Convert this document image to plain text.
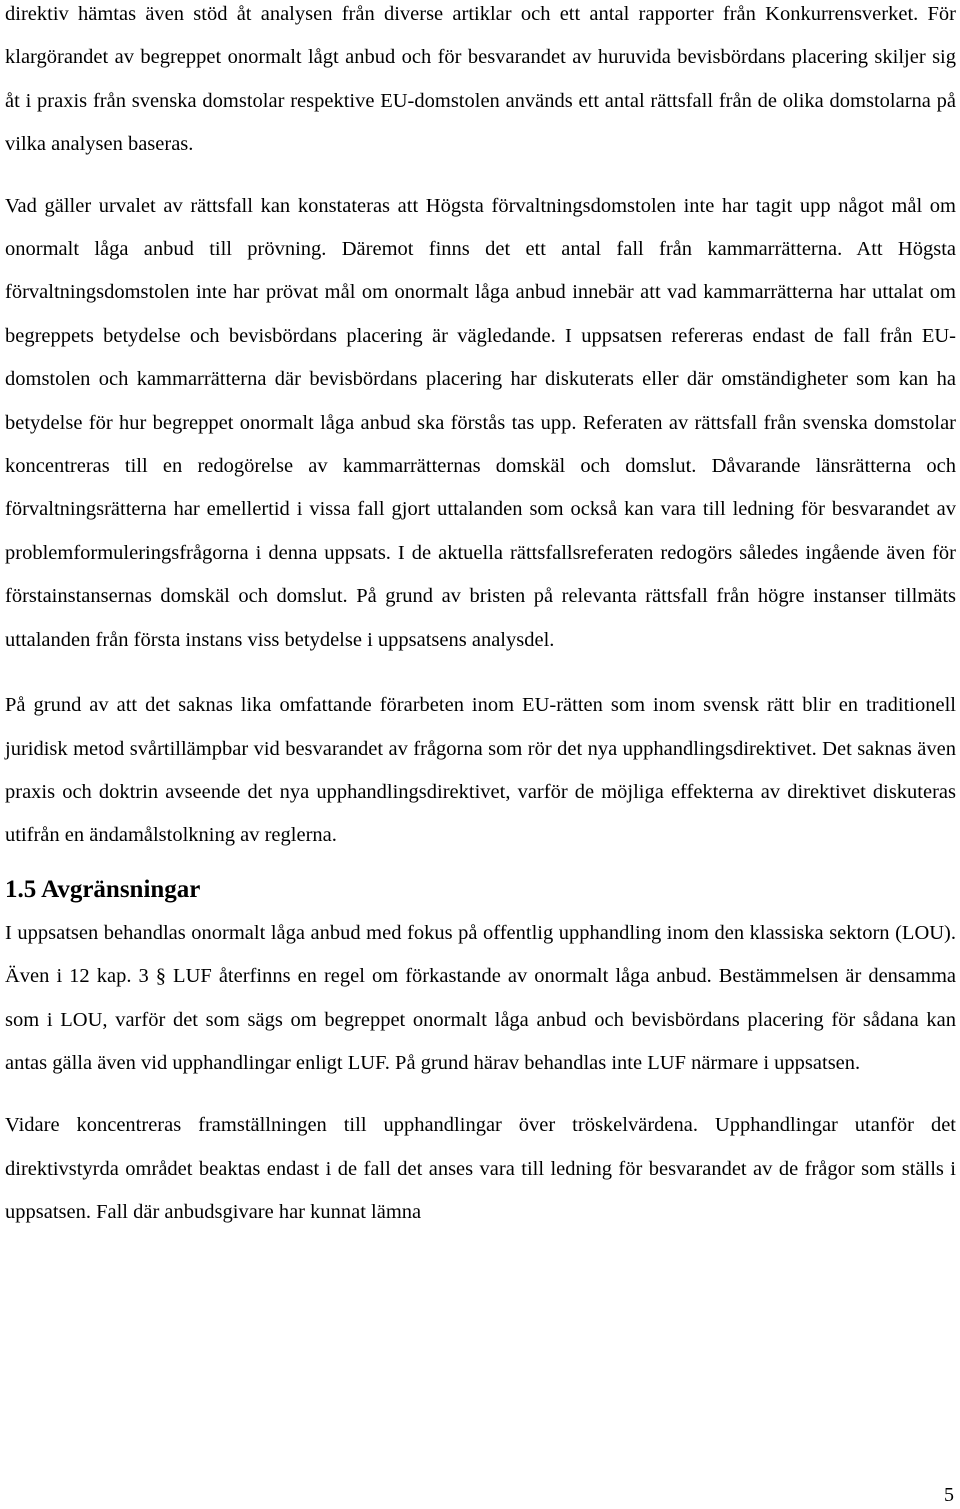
direktiv hämtas även stöd åt analysen från diverse artiklar och ett antal rapporter från Konkurrensverket. För klargörandet av begreppet onormalt lågt anbud och för besvarandet av huruvida bevisbördans placering skiljer sig åt i praxis från svenska domstolar respektive EU-domstolen används ett antal rättsfall från de olika domstolarna på vilka analysen baseras.

Vad gäller urvalet av rättsfall kan konstateras att Högsta förvaltningsdomstolen inte har tagit upp något mål om onormalt låga anbud till prövning. Däremot finns det ett antal fall från kammarrätterna. Att Högsta förvaltningsdomstolen inte har prövat mål om onormalt låga anbud innebär att vad kammarrätterna har uttalat om begreppets betydelse och bevisbördans placering är vägledande. I uppsatsen refereras endast de fall från EU-domstolen och kammarrätterna där bevisbördans placering har diskuterats eller där omständigheter som kan ha betydelse för hur begreppet onormalt låga anbud ska förstås tas upp. Referaten av rättsfall från svenska domstolar koncentreras till en redogörelse av kammarrätternas domskäl och domslut. Dåvarande länsrätterna och förvaltningsrätterna har emellertid i vissa fall gjort uttalanden som också kan vara till ledning för besvarandet av problemformuleringsfrågorna i denna uppsats. I de aktuella rättsfallsreferaten redogörs således ingående även för förstainstansernas domskäl och domslut. På grund av bristen på relevanta rättsfall från högre instanser tillmäts uttalanden från första instans viss betydelse i uppsatsens analysdel.

På grund av att det saknas lika omfattande förarbeten inom EU-rätten som inom svensk rätt blir en traditionell juridisk metod svårtillämpbar vid besvarandet av frågorna som rör det nya upphandlingsdirektivet. Det saknas även praxis och doktrin avseende det nya upphandlingsdirektivet, varför de möjliga effekterna av direktivet diskuteras utifrån en ändamålstolkning av reglerna.

1.5 Avgränsningar

I uppsatsen behandlas onormalt låga anbud med fokus på offentlig upphandling inom den klassiska sektorn (LOU). Även i 12 kap. 3 § LUF återfinns en regel om förkastande av onormalt låga anbud. Bestämmelsen är densamma som i LOU, varför det som sägs om begreppet onormalt låga anbud och bevisbördans placering för sådana kan antas gälla även vid upphandlingar enligt LUF. På grund härav behandlas inte LUF närmare i uppsatsen.

Vidare koncentreras framställningen till upphandlingar över tröskelvärdena. Upphandlingar utanför det direktivstyrda området beaktas endast i de fall det anses vara till ledning för besvarandet av de frågor som ställs i uppsatsen. Fall där anbudsgivare har kunnat lämna

5
